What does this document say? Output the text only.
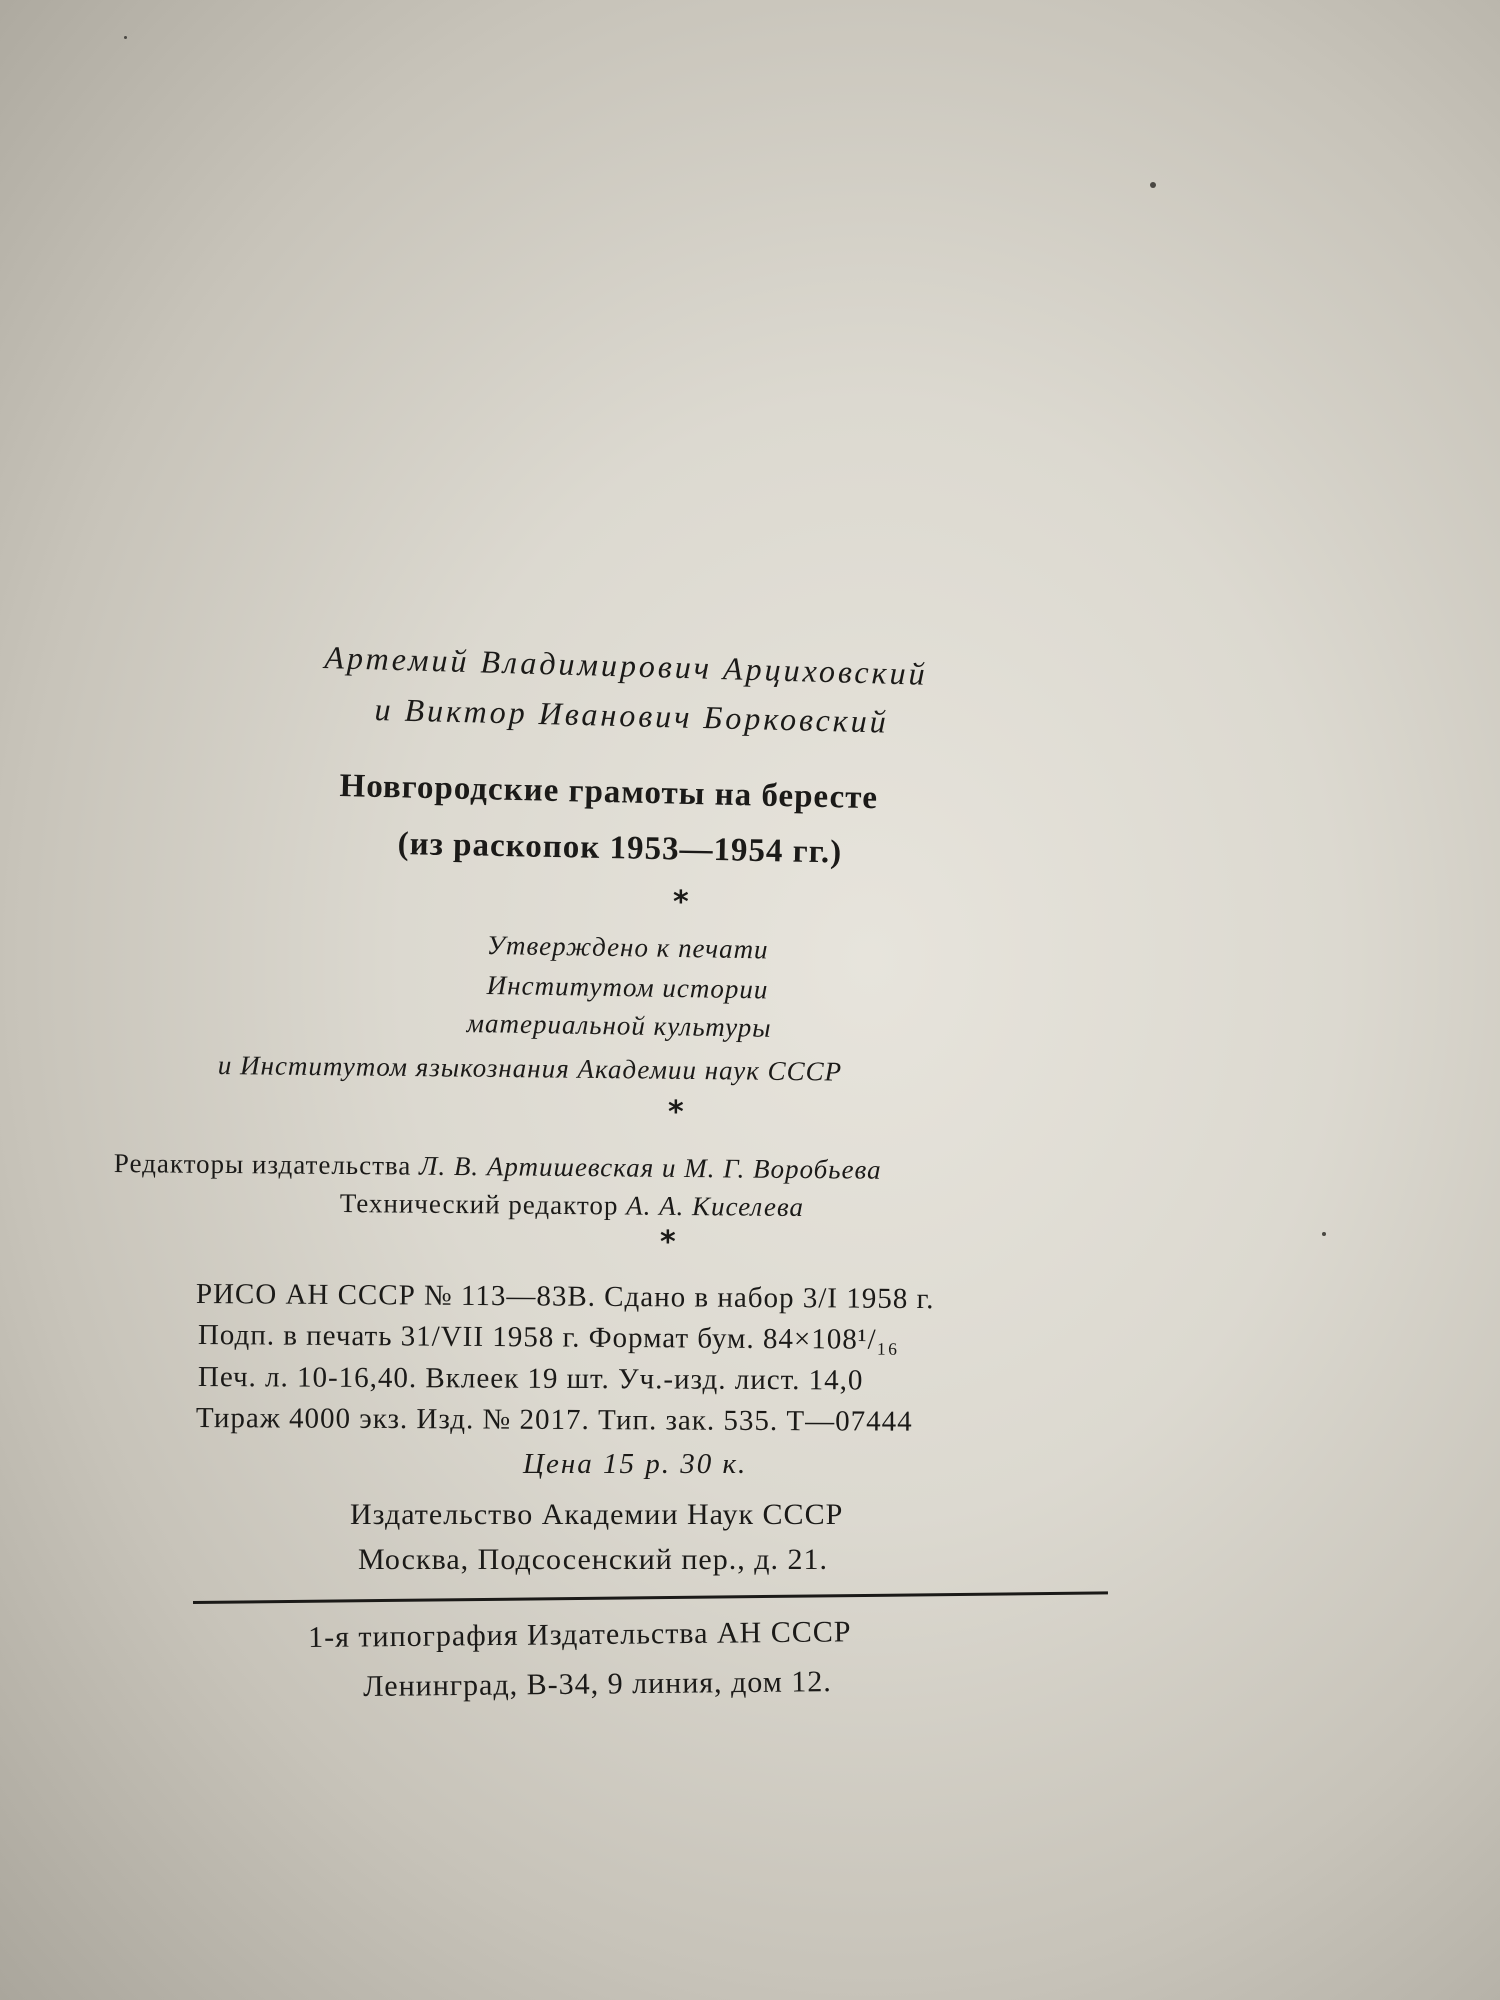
Артемий Владимирович Арциховский
и Виктор Иванович Борковский
Новгородские грамоты на бересте
(из раскопок 1953—1954 гг.)
*
Утверждено к печати
Институтом истории
материальной культуры
и Институтом языкознания Академии наук СССР
*
Редакторы издательства Л. В. Артишевская и М. Г. Воробьева
Технический редактор А. А. Киселева
*
РИСО АН СССР № 113—83В. Сдано в набор 3/I 1958 г.
Подп. в печать 31/VII 1958 г. Формат бум. 84×108¹/₁₆
Печ. л. 10-16,40. Вклеек 19 шт. Уч.-изд. лист. 14,0
Тираж 4000 экз. Изд. № 2017. Тип. зак. 535. Т—07444
Цена 15 р. 30 к.
Издательство Академии Наук СССР
Москва, Подсосенский пер., д. 21.
1-я типография Издательства АН СССР
Ленинград, В-34, 9 линия, дом 12.
